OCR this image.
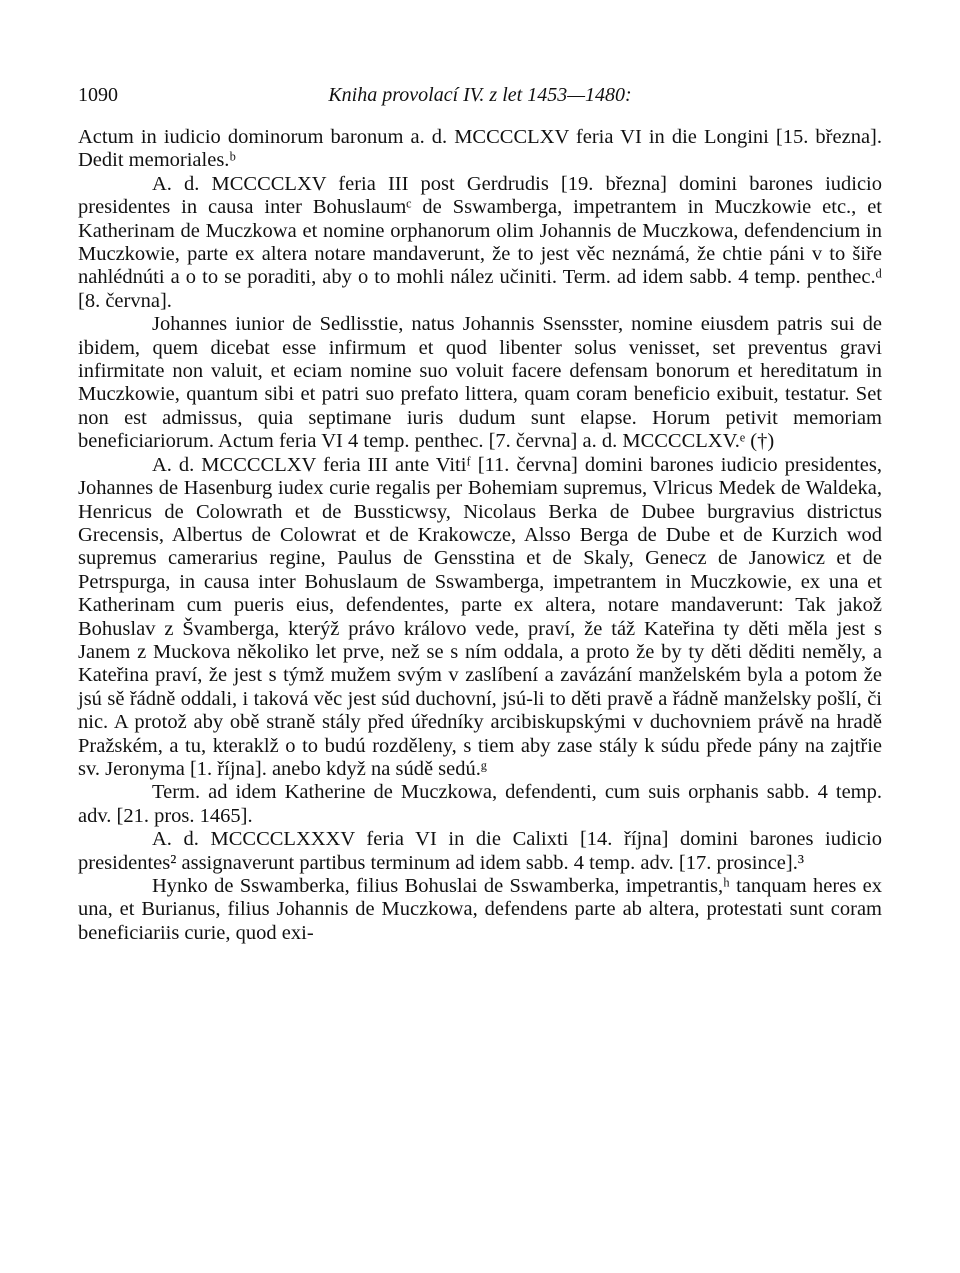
1090	Kniha provolací IV. z let 1453—1480:

Actum in iudicio dominorum baronum a. d. MCCCCLXV feria VI in die Longini [15. března]. Dedit memoriales.ᵇ

A. d. MCCCCLXV feria III post Gerdrudis [19. března] domini barones iudicio presidentes in causa inter Bohuslaumᶜ de Sswamberga, impetrantem in Muczkowie etc., et Katherinam de Muczkowa et nomine orphanorum olim Johannis de Muczkowa, defendencium in Muczkowie, parte ex altera notare mandaverunt, že to jest věc neznámá, že chtie páni v to šiře nahlédnúti a o to se poraditi, aby o to mohli nález učiniti. Term. ad idem sabb. 4 temp. penthec.ᵈ [8. června].

Johannes iunior de Sedlisstie, natus Johannis Ssensster, nomine eiusdem patris sui de ibidem, quem dicebat esse infirmum et quod libenter solus venisset, set preventus gravi infirmitate non valuit, et eciam nomine suo voluit facere defensam bonorum et hereditatum in Muczkowie, quantum sibi et patri suo prefato littera, quam coram beneficio exibuit, testatur. Set non est admissus, quia septimane iuris dudum sunt elapse. Horum petivit memoriam beneficiariorum. Actum feria VI 4 temp. penthec. [7. června] a. d. MCCCCLXV.ᵉ (†)

A. d. MCCCCLXV feria III ante Vitiᶠ [11. června] domini barones iudicio presidentes, Johannes de Hasenburg iudex curie regalis per Bohemiam supremus, Vlricus Medek de Waldeka, Henricus de Colowrath et de Bussticwsy, Nicolaus Berka de Dubee burgravius districtus Grecensis, Albertus de Colowrat et de Krakowcze, Alsso Berga de Dube et de Kurzich wod supremus camerarius regine, Paulus de Gensstina et de Skaly, Genecz de Janowicz et de Petrspurga, in causa inter Bohuslaum de Sswamberga, impetrantem in Muczkowie, ex una et Katherinam cum pueris eius, defendentes, parte ex altera, notare mandaverunt: Tak jakož Bohuslav z Švamberga, kterýž právo královo vede, praví, že táž Kateřina ty děti měla jest s Janem z Muckova několiko let prve, než se s ním oddala, a proto že by ty děti děditi neměly, a Kateřina praví, že jest s týmž mužem svým v zaslíbení a zavázání manželském byla a potom že jsú sě řádně oddali, i taková věc jest súd duchovní, jsú-li to děti pravě a řádně manželsky pošlí, či nic. A protož aby obě straně stály před úředníky arcibiskupskými v duchovniem právě na hradě Pražském, a tu, kteraklž o to budú rozděleny, s tiem aby zase stály k súdu přede pány na zajtřie sv. Jeronyma [1. října]. anebo když na súdě sedú.ᵍ

Term. ad idem Katherine de Muczkowa, defendenti, cum suis orphanis sabb. 4 temp. adv. [21. pros. 1465].

A. d. MCCCCLXXXV feria VI in die Calixti [14. října] domini barones iudicio presidentes² assignaverunt partibus terminum ad idem sabb. 4 temp. adv. [17. prosince].³

Hynko de Sswamberka, filius Bohuslai de Sswamberka, impetrantis,ʰ tanquam heres ex una, et Burianus, filius Johannis de Muczkowa, defendens parte ab altera, protestati sunt coram beneficiariis curie, quod exi-
